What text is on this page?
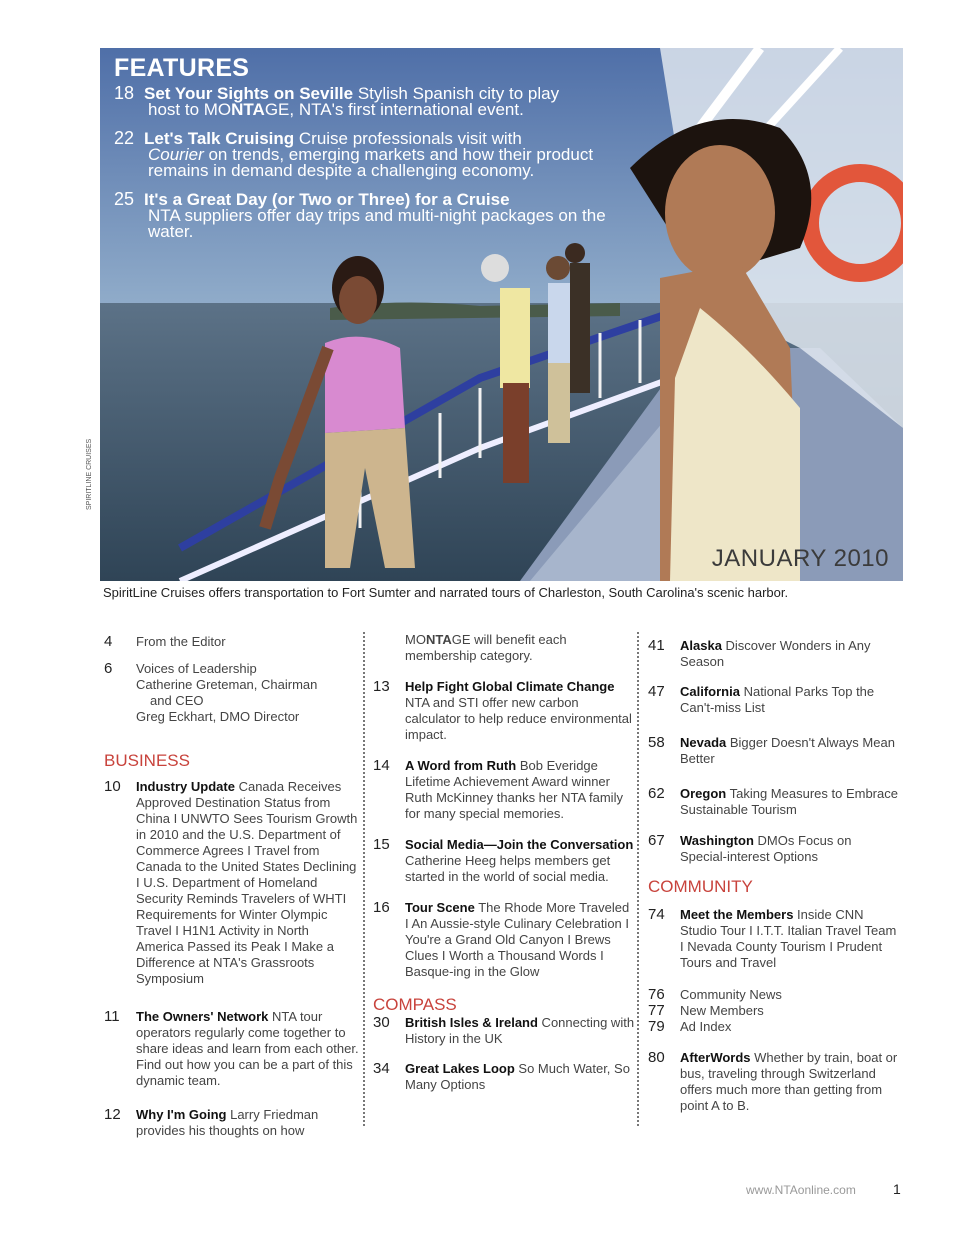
FEATURES
18 Set Your Sights on Seville Stylish Spanish city to play
host to MONTAGE, NTA's first international event.
22 Let's Talk Cruising Cruise professionals visit with
Courier on trends, emerging markets and how their product remains in demand despite a challenging economy.
25 It's a Great Day (or Two or Three) for a Cruise
NTA suppliers offer day trips and multi-night packages on the water.
JANUARY 2010
SPIRITLINE CRUISES
SpiritLine Cruises offers transportation to Fort Sumter and narrated tours of Charleston, South Carolina's scenic harbor.
4 From the Editor
6 Voices of Leadership
Catherine Greteman, Chairman
and CEO
Greg Eckhart, DMO Director
BUSINESS
10 Industry Update Canada Receives Approved Destination Status from China I UNWTO Sees Tourism Growth in 2010 and the U.S. Department of Commerce Agrees I Travel from Canada to the United States Declining I U.S. Department of Homeland Security Reminds Travelers of WHTI Requirements for Winter Olympic Travel I H1N1 Activity in North America Passed its Peak I Make a Difference at NTA's Grassroots Symposium
11 The Owners' Network NTA tour operators regularly come together to share ideas and learn from each other. Find out how you can be a part of this dynamic team.
12 Why I'm Going Larry Friedman provides his thoughts on how
MONTAGE will benefit each membership category.
13 Help Fight Global Climate Change NTA and STI offer new carbon calculator to help reduce environmental impact.
14 A Word from Ruth Bob Everidge Lifetime Achievement Award winner Ruth McKinney thanks her NTA family for many special memories.
15 Social Media—Join the Conversation Catherine Heeg helps members get started in the world of social media.
16 Tour Scene The Rhode More Traveled I An Aussie-style Culinary Celebration I You're a Grand Old Canyon I Brews Clues I Worth a Thousand Words I Basque-ing in the Glow
COMPASS
30 British Isles & Ireland Connecting with History in the UK
34 Great Lakes Loop So Much Water, So Many Options
41 Alaska Discover Wonders in Any Season
47 California National Parks Top the Can't-miss List
58 Nevada Bigger Doesn't Always Mean Better
62 Oregon Taking Measures to Embrace Sustainable Tourism
67 Washington DMOs Focus on Special-interest Options
COMMUNITY
74 Meet the Members Inside CNN Studio Tour I I.T.T. Italian Travel Team I Nevada County Tourism I Prudent Tours and Travel
76 Community News
77 New Members
79 Ad Index
80 AfterWords Whether by train, boat or bus, traveling through Switzerland offers much more than getting from point A to B.
www.NTAonline.com	1
